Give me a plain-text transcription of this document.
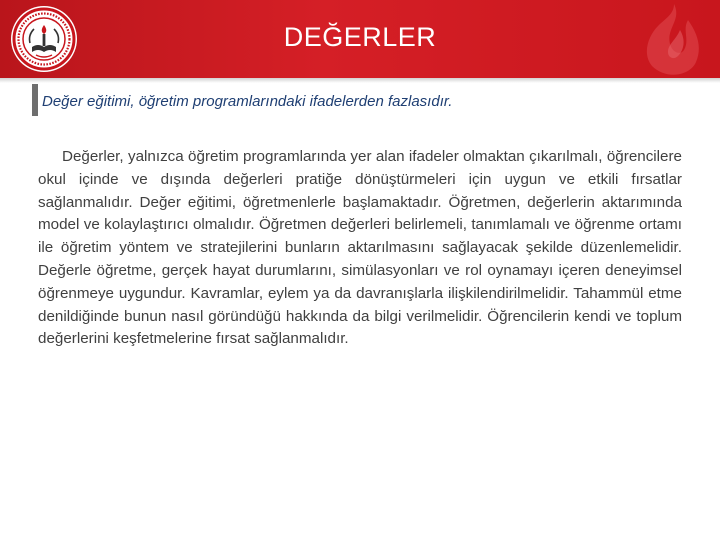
DEĞERLER
Değer eğitimi, öğretim programlarındaki ifadelerden fazlasıdır.

Değerler, yalnızca öğretim programlarında yer alan ifadeler olmaktan çıkarılmalı, öğrencilere okul içinde ve dışında değerleri pratiğe dönüştürmeleri için uygun ve etkili fırsatlar sağlanmalıdır. Değer eğitimi, öğretmenlerle başlamaktadır. Öğretmen, değerlerin aktarımında model ve kolaylaştırıcı olmalıdır. Öğretmen değerleri belirlemeli, tanımlamalı ve öğrenme ortamı ile öğretim yöntem ve stratejilerini bunların aktarılmasını sağlayacak şekilde düzenlemelidir. Değerle öğretme, gerçek hayat durumlarını, simülasyonları ve rol oynamayı içeren deneyimsel öğrenmeye uygundur. Kavramlar, eylem ya da davranışlarla ilişkilendirilmelidir. Tahammül etme denildiğinde bunun nasıl göründüğü hakkında da bilgi verilmelidir. Öğrencilerin kendi ve toplum değerlerini keşfetmelerine fırsat sağlanmalıdır.
